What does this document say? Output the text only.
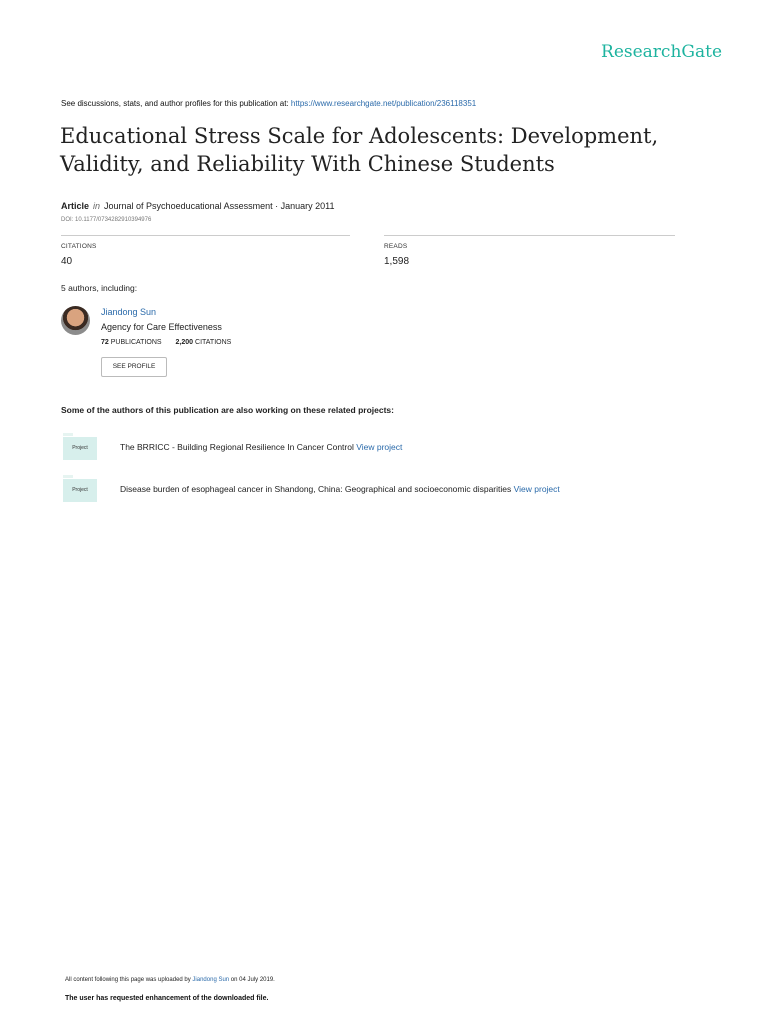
ResearchGate
See discussions, stats, and author profiles for this publication at: https://www.researchgate.net/publication/236118351
Educational Stress Scale for Adolescents: Development, Validity, and Reliability With Chinese Students
Article in Journal of Psychoeducational Assessment · January 2011
DOI: 10.1177/0734282910394976
CITATIONS
40
READS
1,598
5 authors, including:
Jiandong Sun
Agency for Care Effectiveness
72 PUBLICATIONS 2,200 CITATIONS
SEE PROFILE
Some of the authors of this publication are also working on these related projects:
Project	The BRRICC - Building Regional Resilience In Cancer Control View project
Project	Disease burden of esophageal cancer in Shandong, China: Geographical and socioeconomic disparities View project
All content following this page was uploaded by Jiandong Sun on 04 July 2019.
The user has requested enhancement of the downloaded file.
